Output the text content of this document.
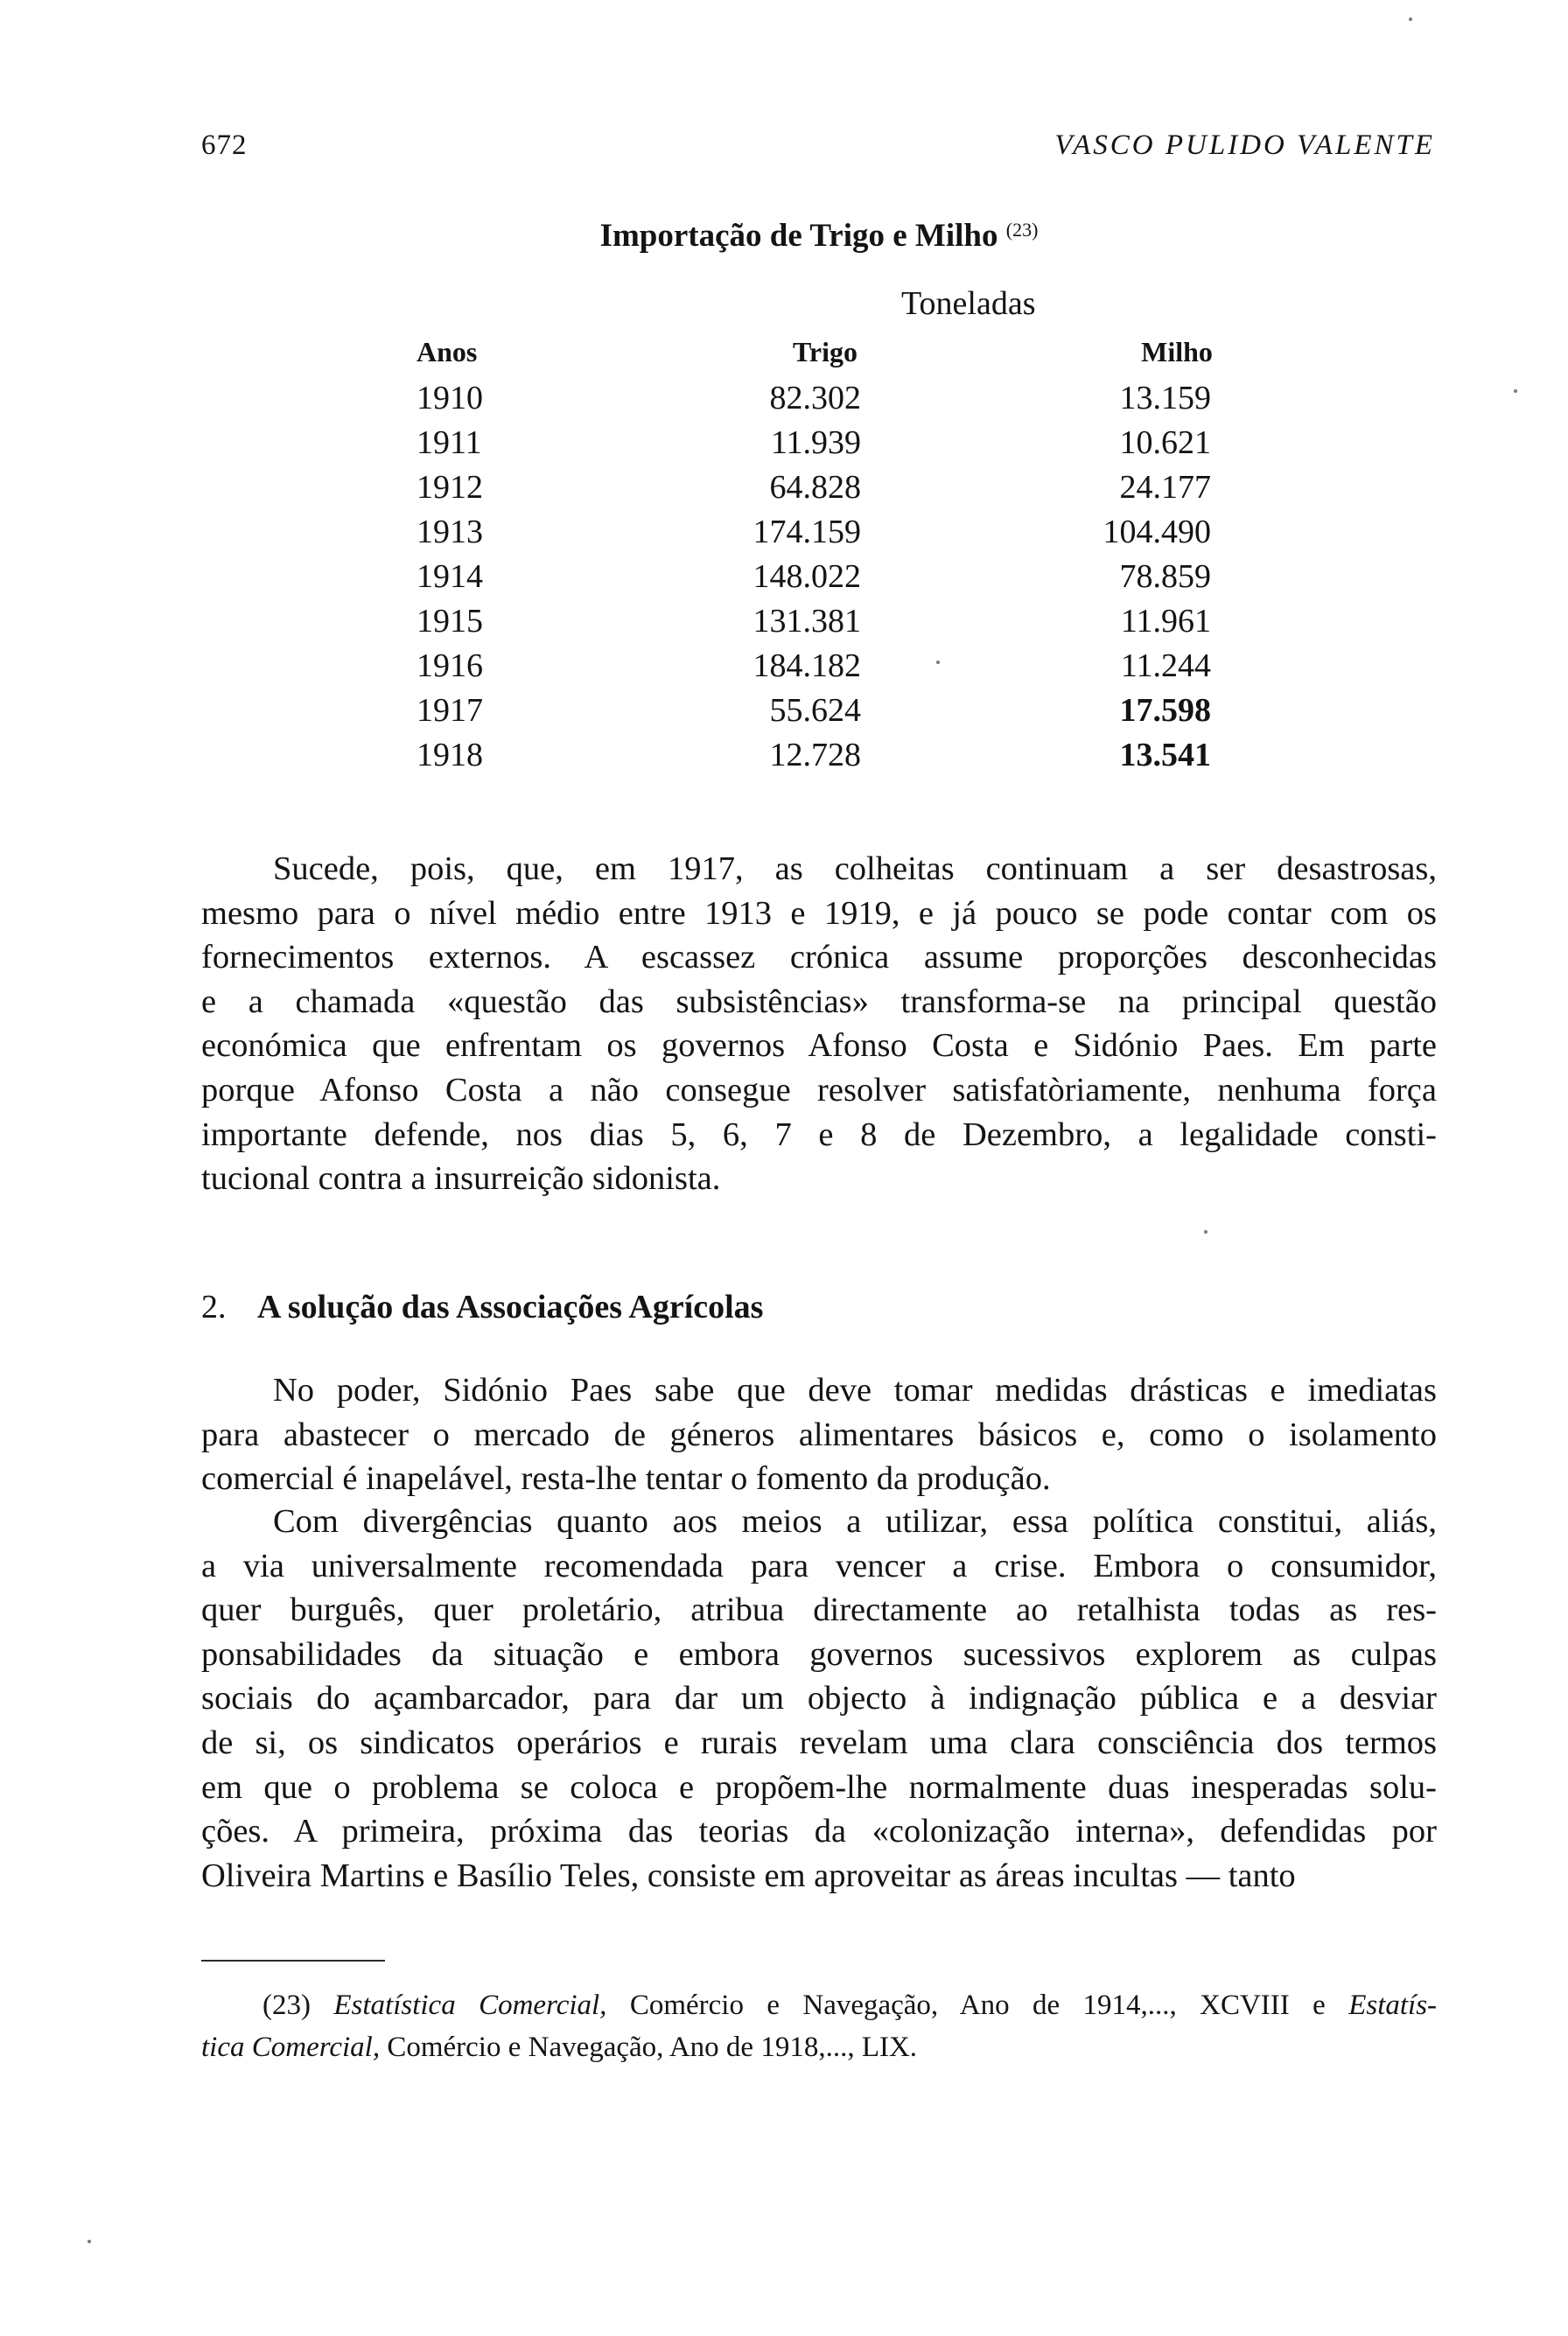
672	VASCO PULIDO VALENTE
Importação de Trigo e Milho $^{(23)}$
Toneladas
Anos	Trigo	Milho
1910	82.302	13.159
1911	11.939	10.621
1912	64.828	24.177
1913	174.159	104.490
1914	148.022	78.859
1915	131.381	11.961
1916	184.182	11.244
1917	55.624	17.598
1918	12.728	13.541
Sucede, pois, que, em 1917, as colheitas continuam a ser desastrosas,
mesmo para o nível médio entre 1913 e 1919, e já pouco se pode contar com os
fornecimentos externos. A escassez crónica assume proporções desconhecidas
e a chamada «questão das subsistências» transforma-se na principal questão
económica que enfrentam os governos Afonso Costa e Sidónio Paes. Em parte
porque Afonso Costa a não consegue resolver satisfatòriamente, nenhuma força
importante defende, nos dias 5, 6, 7 e 8 de Dezembro, a legalidade consti-
tucional contra a insurreição sidonista.
2. A solução das Associações Agrícolas
No poder, Sidónio Paes sabe que deve tomar medidas drásticas e imediatas
para abastecer o mercado de géneros alimentares básicos e, como o isolamento
comercial é inapelável, resta-lhe tentar o fomento da produção.
Com divergências quanto aos meios a utilizar, essa política constitui, aliás,
a via universalmente recomendada para vencer a crise. Embora o consumidor,
quer burguês, quer proletário, atribua directamente ao retalhista todas as res-
ponsabilidades da situação e embora governos sucessivos explorem as culpas
sociais do açambarcador, para dar um objecto à indignação pública e a desviar
de si, os sindicatos operários e rurais revelam uma clara consciência dos termos
em que o problema se coloca e propõem-lhe normalmente duas inesperadas solu-
ções. A primeira, próxima das teorias da «colonização interna», defendidas por
Oliveira Martins e Basílio Teles, consiste em aproveitar as áreas incultas — tanto
(23) Estatística Comercial, Comércio e Navegação, Ano de 1914,..., XCVIII e Estatís-
tica Comercial, Comércio e Navegação, Ano de 1918,..., LIX.
